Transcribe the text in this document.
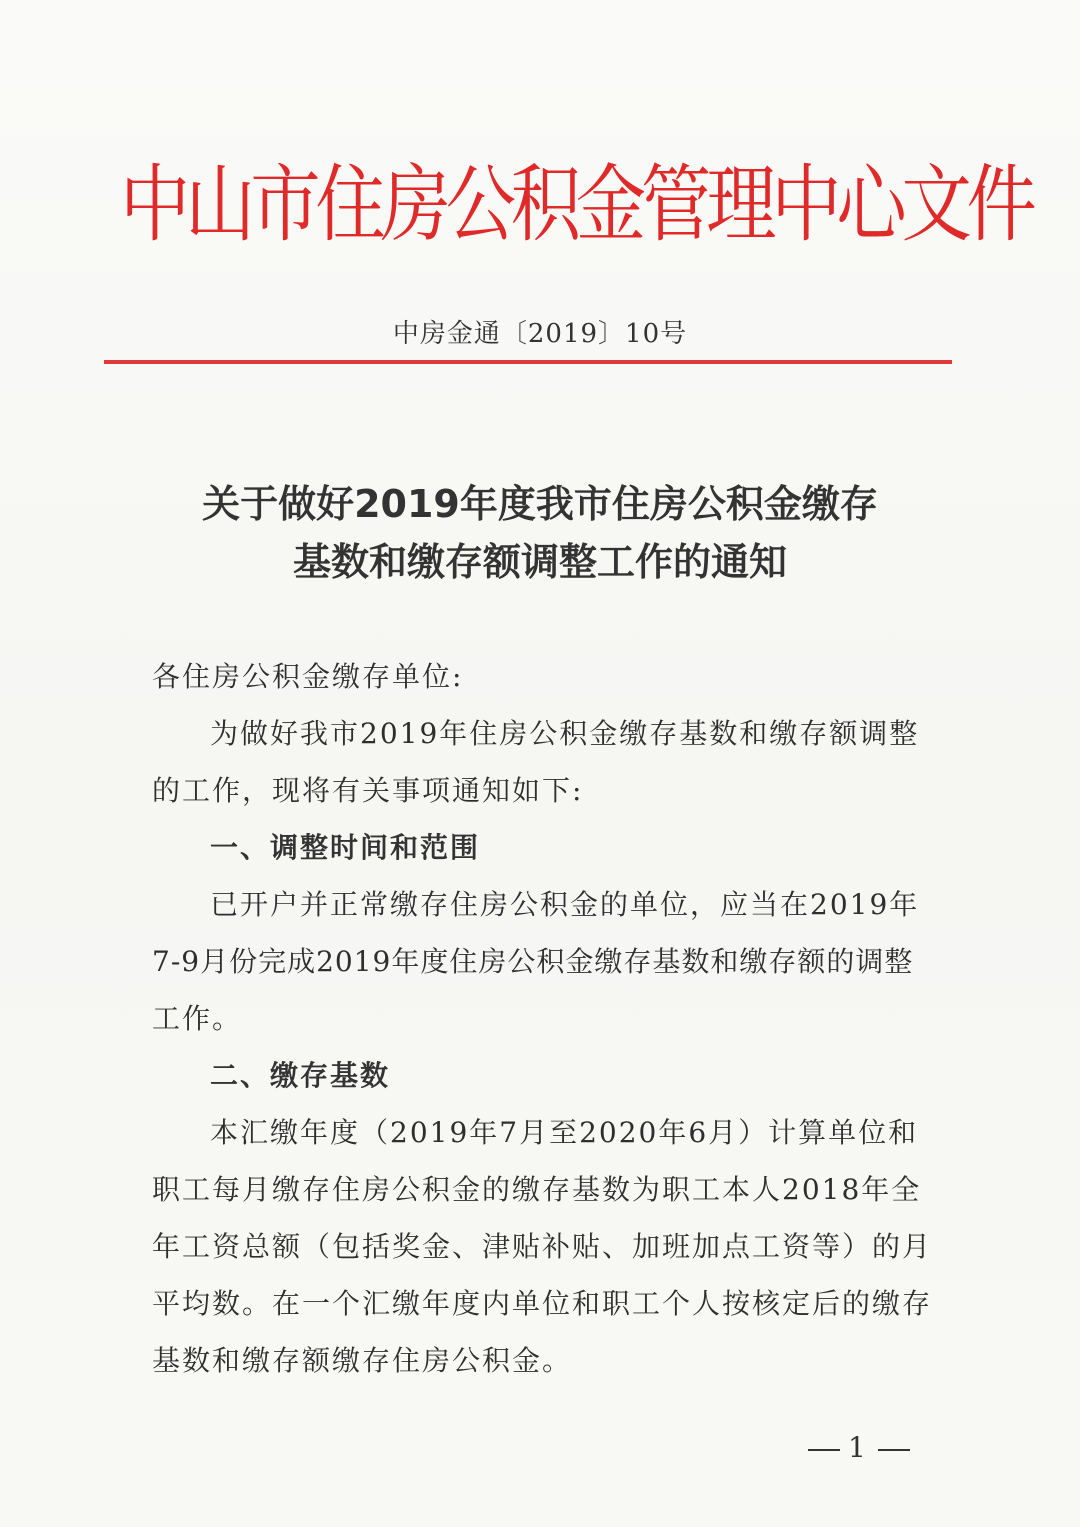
中山市住房公积金管理中心文件
中房金通〔2019〕10号
关于做好2019年度我市住房公积金缴存
基数和缴存额调整工作的通知
各住房公积金缴存单位:
为做好我市2019年住房公积金缴存基数和缴存额调整
的工作，现将有关事项通知如下:
一、调整时间和范围
已开户并正常缴存住房公积金的单位，应当在2019年
7-9月份完成2019年度住房公积金缴存基数和缴存额的调整
工作。
二、缴存基数
本汇缴年度（2019年7月至2020年6月）计算单位和
职工每月缴存住房公积金的缴存基数为职工本人2018年全
年工资总额（包括奖金、津贴补贴、加班加点工资等）的月
平均数。在一个汇缴年度内单位和职工个人按核定后的缴存
基数和缴存额缴存住房公积金。
1
